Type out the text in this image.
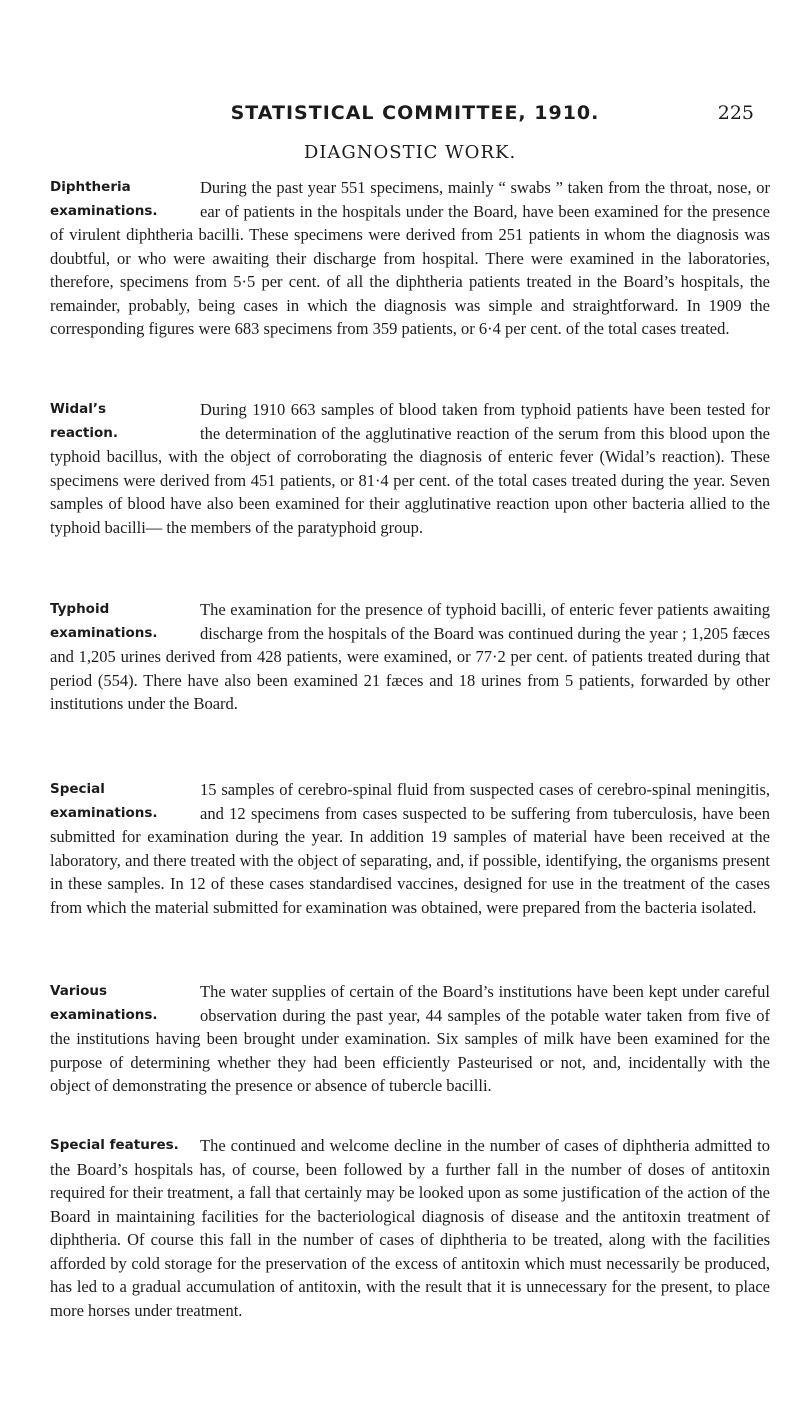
STATISTICAL COMMITTEE, 1910.	225
DIAGNOSTIC WORK.
Diphtheria
examinations.

During the past year 551 specimens, mainly “ swabs ” taken from the throat, nose, or ear of patients in the hospitals under the Board, have been examined for the presence of virulent diphtheria bacilli. These specimens were derived from 251 patients in whom the diagnosis was doubtful, or who were awaiting their discharge from hospital. There were examined in the laboratories, therefore, specimens from 5·5 per cent. of all the diphtheria patients treated in the Board’s hospitals, the remainder, probably, being cases in which the diagnosis was simple and straightforward. In 1909 the corresponding figures were 683 specimens from 359 patients, or 6·4 per cent. of the total cases treated.

Widal’s
reaction.

During 1910 663 samples of blood taken from typhoid patients have been tested for the determination of the agglutinative reaction of the serum from this blood upon the typhoid bacillus, with the object of corroborating the diagnosis of enteric fever (Widal’s reaction). These specimens were derived from 451 patients, or 81·4 per cent. of the total cases treated during the year. Seven samples of blood have also been examined for their agglutinative reaction upon other bacteria allied to the typhoid bacilli— the members of the paratyphoid group.

Typhoid
examinations.

The examination for the presence of typhoid bacilli, of enteric fever patients awaiting discharge from the hospitals of the Board was continued during the year ; 1,205 fæces and 1,205 urines derived from 428 patients, were examined, or 77·2 per cent. of patients treated during that period (554). There have also been examined 21 fæces and 18 urines from 5 patients, forwarded by other institutions under the Board.

Special
examinations.

15 samples of cerebro-spinal fluid from suspected cases of cerebro-spinal meningitis, and 12 specimens from cases suspected to be suffering from tuberculosis, have been submitted for examination during the year. In addition 19 samples of material have been received at the laboratory, and there treated with the object of separating, and, if possible, identifying, the organisms present in these samples. In 12 of these cases standardised vaccines, designed for use in the treatment of the cases from which the material submitted for examination was obtained, were prepared from the bacteria isolated.

Various
examinations.

The water supplies of certain of the Board’s institutions have been kept under careful observation during the past year, 44 samples of the potable water taken from five of the institutions having been brought under examination. Six samples of milk have been examined for the purpose of determining whether they had been efficiently Pasteurised or not, and, incidentally with the object of demonstrating the presence or absence of tubercle bacilli.

Special features.	The continued and welcome decline in the number of cases of diphtheria admitted to the Board’s hospitals has, of course, been followed by a further fall in the number of doses of antitoxin required for their treatment, a fall that certainly may be looked upon as some justification of the action of the Board in maintaining facilities for the bacteriological diagnosis of disease and the antitoxin treatment of diphtheria. Of course this fall in the number of cases of diphtheria to be treated, along with the facilities afforded by cold storage for the preservation of the excess of antitoxin which must necessarily be produced, has led to a gradual accumulation of antitoxin, with the result that it is unnecessary for the present, to place more horses under treatment.
